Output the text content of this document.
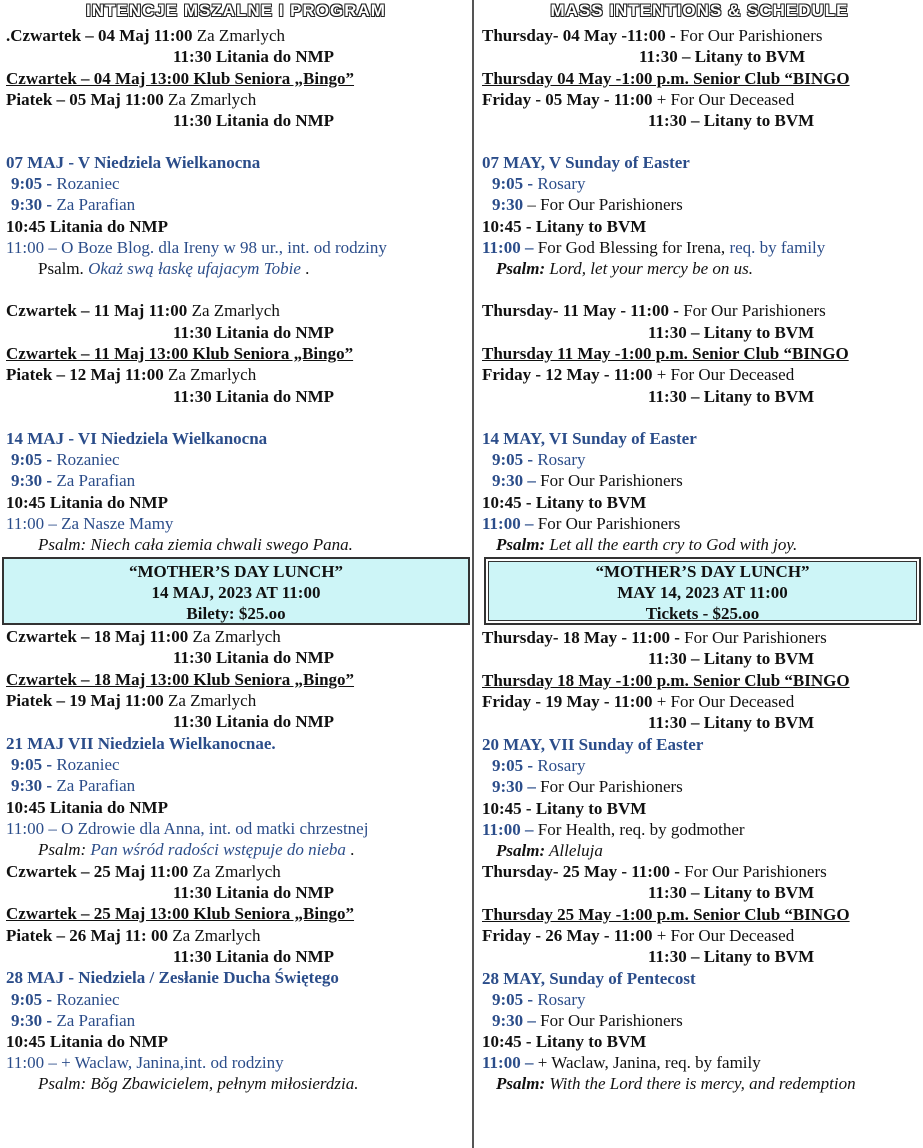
INTENCJE MSZALNE I PROGRAM
.Czwartek – 04 Maj 11:00 Za Zmarlych
11:30 Litania do NMP
Czwartek – 04 Maj 13:00 Klub Seniora „Bingo”
Piatek – 05 Maj 11:00 Za Zmarlych
11:30 Litania do NMP
07 MAJ - V Niedziela Wielkanocna
9:05 - Rozaniec
9:30 - Za Parafian
10:45 Litania do NMP
11:00 – O Boze Blog. dla Ireny w 98 ur., int. od rodziny
Psalm. Okaż swą łaskę ufajacym Tobie .
Czwartek – 11 Maj 11:00 Za Zmarlych
11:30 Litania do NMP
Czwartek – 11 Maj 13:00 Klub Seniora „Bingo”
Piatek – 12 Maj 11:00 Za Zmarlych
11:30 Litania do NMP
14 MAJ - VI Niedziela Wielkanocna
9:05 - Rozaniec
9:30 - Za Parafian
10:45 Litania do NMP
11:00 – Za Nasze Mamy
Psalm: Niech cała ziemia chwali swego Pana.
“MOTHER’S DAY LUNCH”
14 MAJ, 2023 AT 11:00
Bilety: $25.oo
Czwartek – 18 Maj 11:00 Za Zmarlych
11:30 Litania do NMP
Czwartek – 18 Maj 13:00 Klub Seniora „Bingo”
Piatek – 19 Maj 11:00 Za Zmarlych
11:30 Litania do NMP
21 MAJ VII Niedziela Wielkanocnae.
9:05 - Rozaniec
9:30 - Za Parafian
10:45 Litania do NMP
11:00 – O Zdrowie dla Anna, int. od matki chrzestnej
Psalm: Pan wśród radości wstępuje do nieba .
Czwartek – 25 Maj 11:00 Za Zmarlych
11:30 Litania do NMP
Czwartek – 25 Maj 13:00 Klub Seniora „Bingo”
Piatek – 26 Maj 11: 00 Za Zmarlych
11:30 Litania do NMP
28 MAJ - Niedziela / Zesłanie Ducha Świętego
9:05 - Rozaniec
9:30 - Za Parafian
10:45 Litania do NMP
11:00 – + Waclaw, Janina,int. od rodziny
Psalm: Bǒg Zbawicielem, pełnym miłosierdzia.
MASS INTENTIONS & SCHEDULE
Thursday- 04 May -11:00 - For Our Parishioners
11:30 – Litany to BVM
Thursday 04 May -1:00 p.m. Senior Club “BINGO
Friday - 05 May - 11:00 + For Our Deceased
11:30 – Litany to BVM
07 MAY, V Sunday of Easter
9:05 - Rosary
9:30 – For Our Parishioners
10:45 - Litany to BVM
11:00 – For God Blessing for Irena, req. by family
Psalm: Lord, let your mercy be on us.
Thursday- 11 May - 11:00 - For Our Parishioners
11:30 – Litany to BVM
Thursday 11 May -1:00 p.m. Senior Club “BINGO
Friday - 12 May - 11:00 + For Our Deceased
11:30 – Litany to BVM
14 MAY, VI Sunday of Easter
9:05 - Rosary
9:30 – For Our Parishioners
10:45 - Litany to BVM
11:00 – For Our Parishioners
Psalm: Let all the earth cry to God with joy.
“MOTHER’S DAY LUNCH”
MAY 14, 2023 AT 11:00
Tickets - $25.oo
Thursday- 18 May - 11:00 - For Our Parishioners
11:30 – Litany to BVM
Thursday 18 May -1:00 p.m. Senior Club “BINGO
Friday - 19 May - 11:00 + For Our Deceased
11:30 – Litany to BVM
20 MAY, VII Sunday of Easter
9:05 - Rosary
9:30 – For Our Parishioners
10:45 - Litany to BVM
11:00 – For Health, req. by godmother
Psalm: Alleluja
Thursday- 25 May - 11:00 - For Our Parishioners
11:30 – Litany to BVM
Thursday 25 May -1:00 p.m. Senior Club “BINGO
Friday - 26 May - 11:00 + For Our Deceased
11:30 – Litany to BVM
28 MAY, Sunday of Pentecost
9:05 - Rosary
9:30 – For Our Parishioners
10:45 - Litany to BVM
11:00 – + Waclaw, Janina, req. by family
Psalm: With the Lord there is mercy, and redemption
